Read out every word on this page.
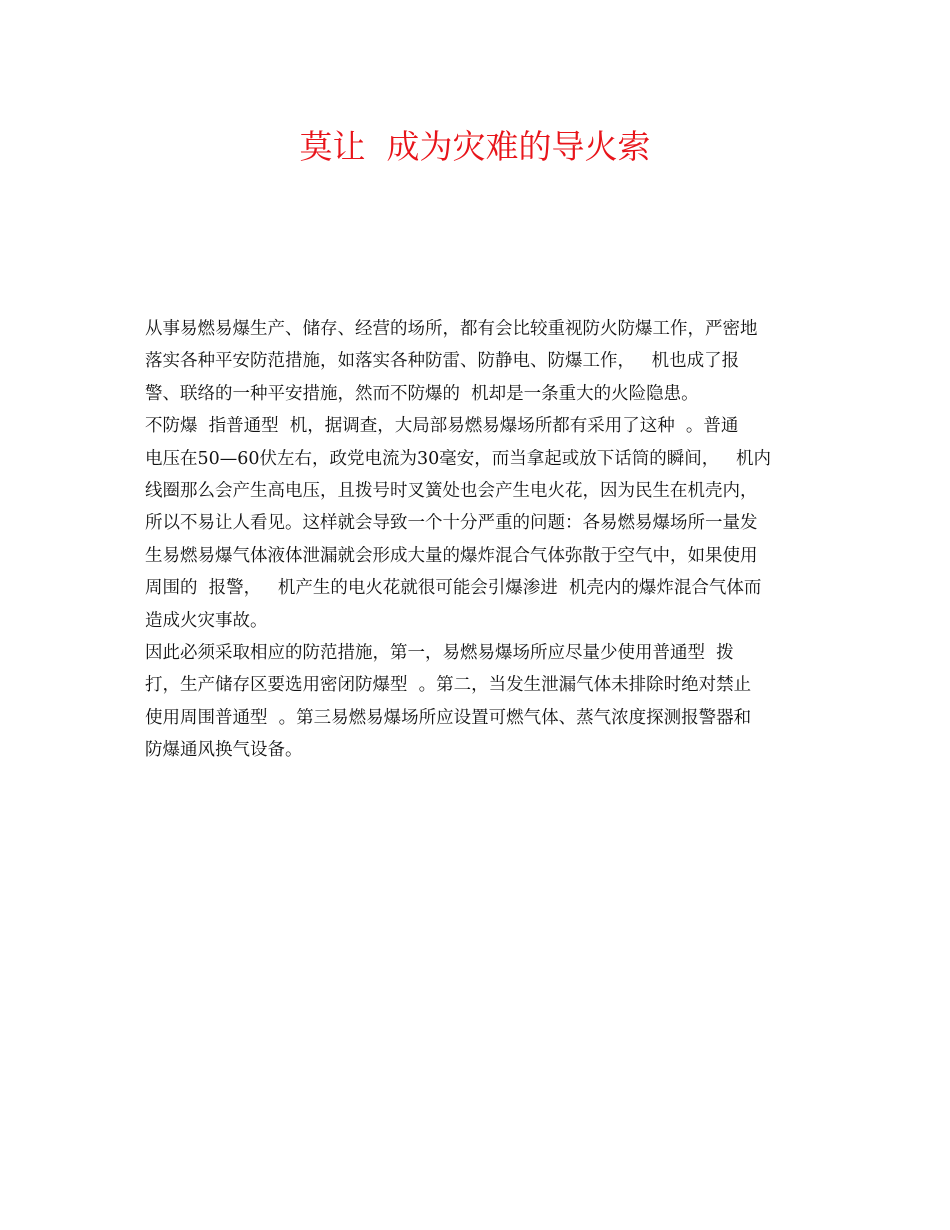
莫让  成为灾难的导火索
从事易燃易爆生产、储存、经营的场所，都有会比较重视防火防爆工作，严密地
落实各种平安防范措施，如落实各种防雷、防静电、防爆工作，   机也成了报
警、联络的一种平安措施，然而不防爆的  机却是一条重大的火险隐患。
不防爆  指普通型  机，据调查，大局部易燃易爆场所都有采用了这种  。普通
电压在50—60伏左右，政党电流为30毫安，而当拿起或放下话筒的瞬间，   机内
线圈那么会产生高电压，且拨号时叉簧处也会产生电火花，因为民生在机壳内，
所以不易让人看见。这样就会导致一个十分严重的问题：各易燃易爆场所一量发
生易燃易爆气体液体泄漏就会形成大量的爆炸混合气体弥散于空气中，如果使用
周围的  报警，   机产生的电火花就很可能会引爆渗进  机壳内的爆炸混合气体而
造成火灾事故。
因此必须采取相应的防范措施，第一，易燃易爆场所应尽量少使用普通型  拨
打，生产储存区要选用密闭防爆型  。第二，当发生泄漏气体未排除时绝对禁止
使用周围普通型  。第三易燃易爆场所应设置可燃气体、蒸气浓度探测报警器和
防爆通风换气设备。
